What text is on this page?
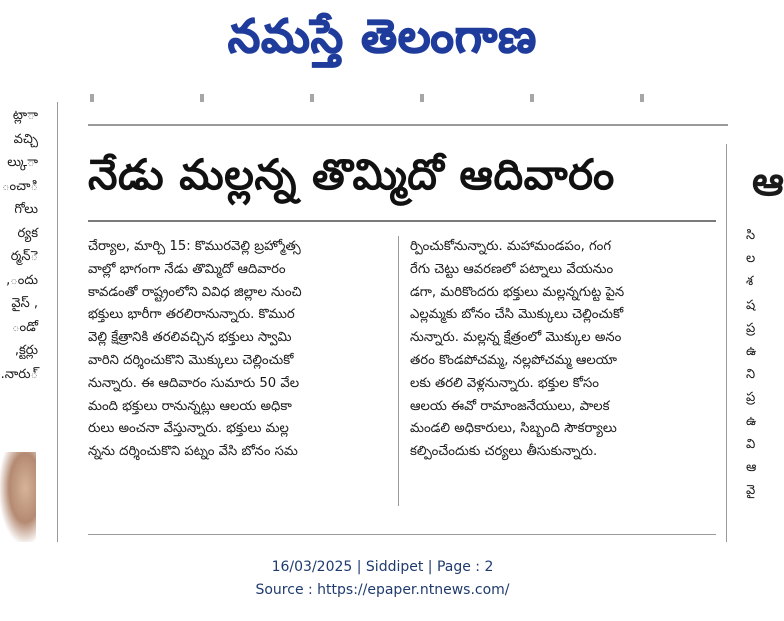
నమస్తే తెలంగాణ
ాట్లా
వచ్చి
ాల్కు
ించా
గోలు
ర్యక
ెర్మన్
ందు,
, వైస్
ండో
క్టర్లు,
్నారు.
నేడు మల్లన్న తొమ్మిదో ఆదివారం
చేర్యాల, మార్చి 15: కొమురవెల్లి బ్రహ్మోత్స
వాల్లో భాగంగా నేడు తొమ్మిదో ఆదివారం
కావడంతో రాష్ట్రంలోని వివిధ జిల్లాల నుంచి
భక్తులు భారీగా తరలిరానున్నారు. కొముర
వెల్లి క్షేత్రానికి తరలివచ్చిన భక్తులు స్వామి
వారిని దర్శించుకొని మొక్కులు చెల్లించుకో
నున్నారు. ఈ ఆదివారం సుమారు 50 వేల
మంది భక్తులు రానున్నట్లు ఆలయ అధికా
రులు అంచనా వేస్తున్నారు. భక్తులు మల్ల
న్నను దర్శించుకొని పట్నం వేసి బోనం సమ
ర్పించుకోనున్నారు. మహామండపం, గంగ
రేగు చెట్టు ఆవరణలో పట్నాలు వేయనుం
డగా, మరికొందరు భక్తులు మల్లన్నగుట్ట పైన
ఎల్లమ్మకు బోనం చేసి మొక్కులు చెల్లించుకో
నున్నారు. మల్లన్న క్షేత్రంలో మొక్కుల అనం
తరం కొండపోచమ్మ, నల్లపోచమ్మ ఆలయా
లకు తరలి వెళ్లనున్నారు. భక్తుల కోసం
ఆలయ ఈవో రామాంజనేయులు, పాలక
మండలి అధికారులు, సిబ్బంది సౌకర్యాలు
కల్పించేందుకు చర్యలు తీసుకున్నారు.
ఆ
సి
ల
శ
ష
ప్ర
ఉ
ని
ప్ర
ఉ
వి
ఆ
వై
16/03/2025 | Siddipet | Page : 2
Source : https://epaper.ntnews.com/
